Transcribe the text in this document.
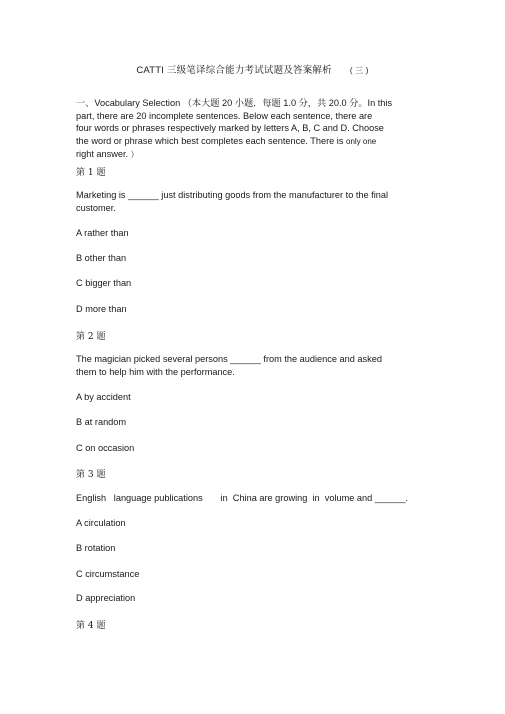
CATTI 三级笔译综合能力考试试题及答案解析 ( 三 )
一、Vocabulary Selection （本大题 20 小题．每题 1.0 分，共 20.0 分。In this
part, there are 20 incomplete sentences. Below each sentence, there are
four words or phrases respectively marked by letters A, B, C and D. Choose
the word or phrase which best completes each sentence. There is only one
right answer. ）
第 1 题
Marketing is ______ just distributing goods from the manufacturer to the final customer.
A rather than
B other than
C bigger than
D more than
第 2 题
The magician picked several persons ______ from the audience and asked
them to help him with the performance.
A by accident
B at random
C on occasion
第 3 题
English   language publications       in  China are growing  in  volume and ______.
A circulation
B rotation
C circumstance
D appreciation
第 4 题
